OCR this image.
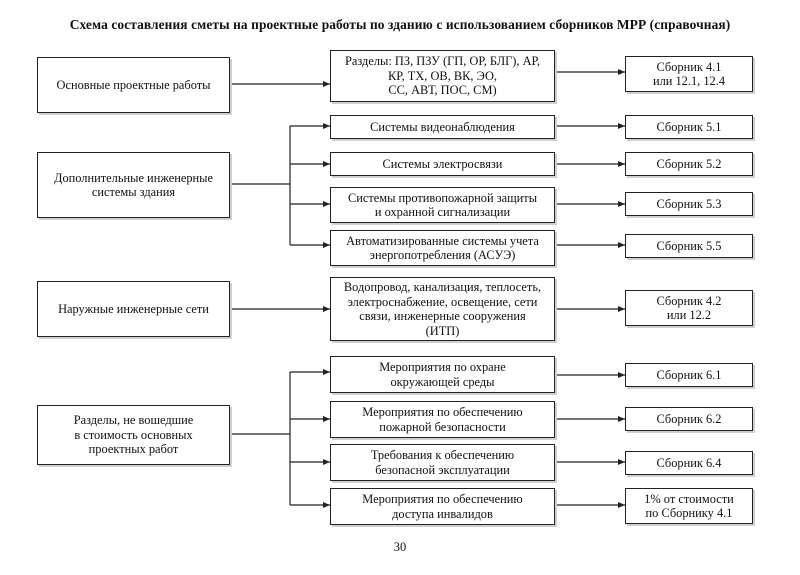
Схема составления сметы на проектные работы по зданию с использованием сборников МРР (справочная)
Основные проектные работы
Дополнительные инженерные
системы здания
Наружные инженерные сети
Разделы, не вошедшие
в стоимость основных
проектных работ
Разделы: ПЗ, ПЗУ (ГП, ОР, БЛГ), АР,
КР, ТХ, ОВ, ВК, ЭО,
СС, АВТ, ПОС, СМ)
Системы видеонаблюдения
Системы электросвязи
Системы противопожарной защиты
и охранной сигнализации
Автоматизированные системы учета
энергопотребления (АСУЭ)
Водопровод, канализация, теплосеть,
электроснабжение, освещение, сети
связи, инженерные сооружения
(ИТП)
Мероприятия по охране
окружающей среды
Мероприятия по обеспечению
пожарной безопасности
Требования к обеспечению
безопасной эксплуатации
Мероприятия по обеспечению
доступа инвалидов
Сборник 4.1
или 12.1, 12.4
Сборник 5.1
Сборник 5.2
Сборник 5.3
Сборник 5.5
Сборник 4.2
или 12.2
Сборник 6.1
Сборник 6.2
Сборник 6.4
1% от стоимости
по Сборнику 4.1
30
